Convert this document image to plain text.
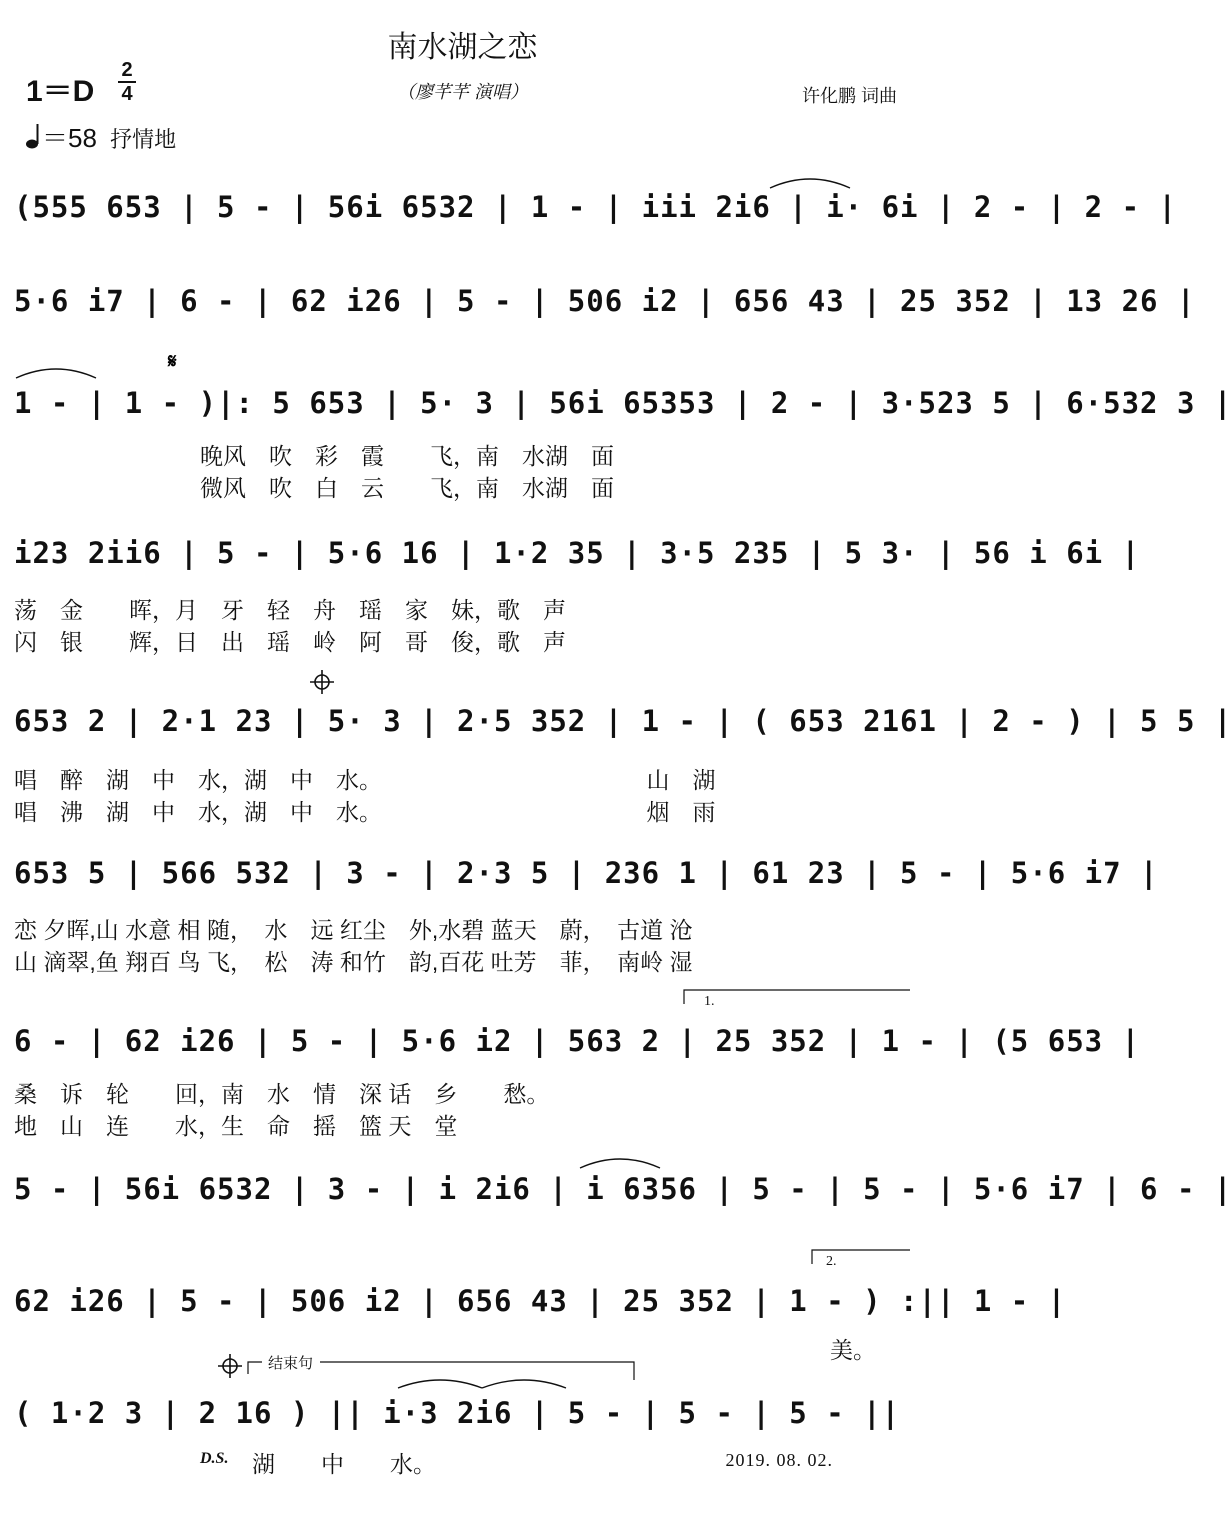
南水湖之恋
（廖芊芊 演唱）	许化鹏 词曲
1＝D
2
4
＝58 抒情地
(555 653 | 5 - | 56i 6532 | 1 - | iii 2i6 | i· 6i | 2 - | 2 - |
5·6 i7 | 6 - | 62 i26 | 5 - | 506 i2 | 656 43 | 25 352 | 13 26 |
1 - | 1 - )|: 5 653 | 5· 3 | 56i 65353 | 2 - | 3·523 5 | 6·532 3 |
晚风　吹　彩　霞　　飞，南　水湖　面
微风　吹　白　云　　飞，南　水湖　面
i23 2ii6 | 5 - | 5·6 16 | 1·2 35 | 3·5 235 | 5 3· | 56 i 6i |
荡　金　　晖，月　牙　轻　舟　瑶　家　妹，歌　声
闪　银　　辉，日　出　瑶　岭　阿　哥　俊，歌　声
653 2 | 2·1 23 | 5· 3 | 2·5 352 | 1 - | ( 653 2161 | 2 - ) | 5 5 |
唱　醉　湖　中　水，湖　中　水。　　　　　　　　　　　　山　湖
唱　沸　湖　中　水，湖　中　水。　　　　　　　　　　　　烟　雨
653 5 | 566 532 | 3 - | 2·3 5 | 236 1 | 61 23 | 5 - | 5·6 i7 |
恋 夕晖,山 水意 相 随，　水　远 红尘　外,水碧 蓝天　蔚，　古道 沧
山 滴翠,鱼 翔百 鸟 飞，　松　涛 和竹　韵,百花 吐芳　菲，　南岭 湿
1.
6 - | 62 i26 | 5 - | 5·6 i2 | 563 2 | 25 352 | 1 - | (5 653 |
桑　诉　轮　　回，南　水　情　深 话　乡　　愁。
地　山　连　　水，生　命　摇　篮 天　堂
5 - | 56i 6532 | 3 - | i 2i6 | i 6356 | 5 - | 5 - | 5·6 i7 | 6 - |
2.
62 i26 | 5 - | 506 i2 | 656 43 | 25 352 | 1 - ) :|| 1 - |
美。
结束句
( 1·2 3 | 2 16 ) || i·3 2i6 | 5 - | 5 - | 5 - ||
D.S. 湖　　中　　水。	2019. 08. 02.
𝄋
